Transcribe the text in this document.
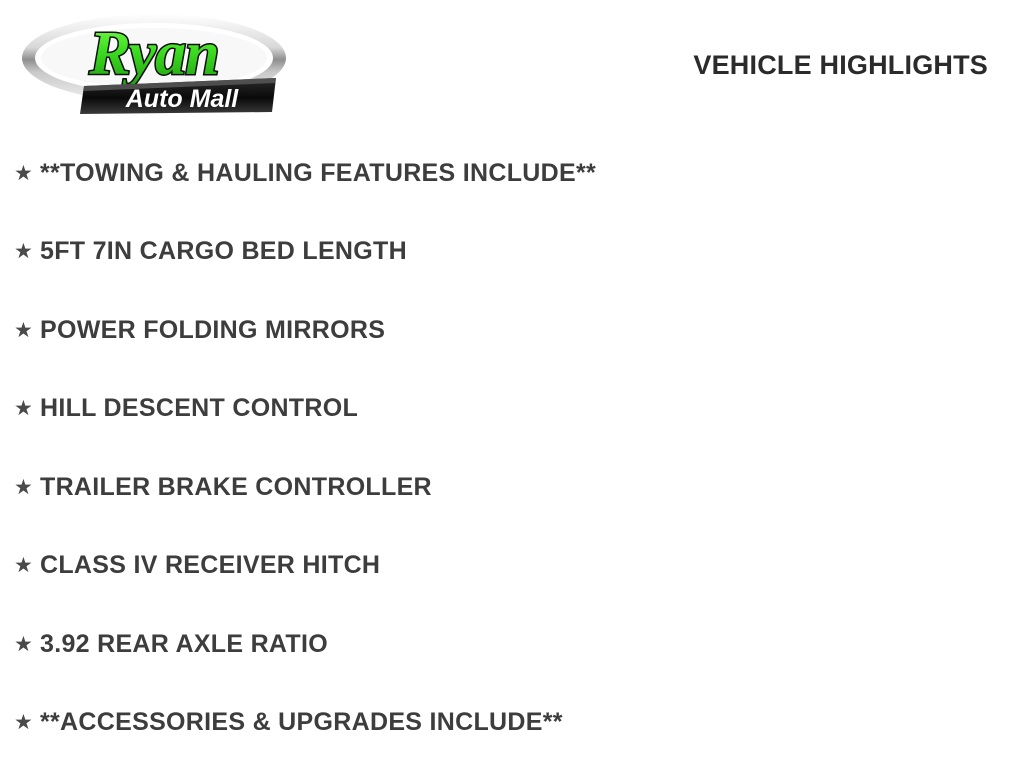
Ryan
Auto Mall
VEHICLE HIGHLIGHTS
★ **TOWING & HAULING FEATURES INCLUDE**
★ 5FT 7IN CARGO BED LENGTH
★ POWER FOLDING MIRRORS
★ HILL DESCENT CONTROL
★ TRAILER BRAKE CONTROLLER
★ CLASS IV RECEIVER HITCH
★ 3.92 REAR AXLE RATIO
★ **ACCESSORIES & UPGRADES INCLUDE**
